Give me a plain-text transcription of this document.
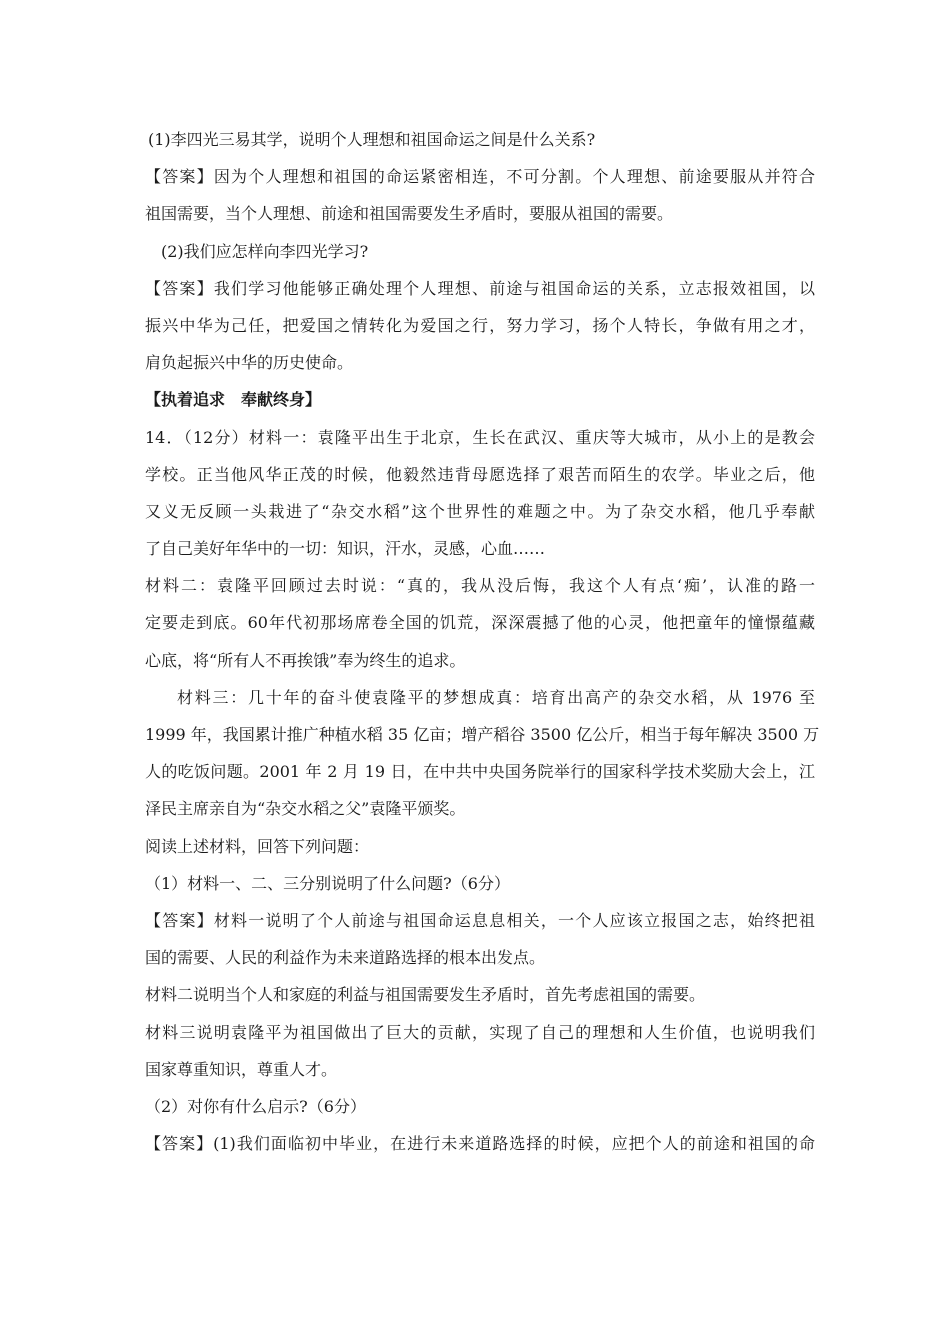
(1)李四光三易其学，说明个人理想和祖国命运之间是什么关系?
【答案】因为个人理想和祖国的命运紧密相连，不可分割。个人理想、前途要服从并符合
祖国需要，当个人理想、前途和祖国需要发生矛盾时，要服从祖国的需要。
(2)我们应怎样向李四光学习?
【答案】我们学习他能够正确处理个人理想、前途与祖国命运的关系，立志报效祖国，以
振兴中华为己任，把爱国之情转化为爱国之行，努力学习，扬个人特长，争做有用之才，
肩负起振兴中华的历史使命。
【执着追求　奉献终身】
14．（12分）材料一：袁隆平出生于北京，生长在武汉、重庆等大城市，从小上的是教会
学校。正当他风华正茂的时候，他毅然违背母愿选择了艰苦而陌生的农学。毕业之后，他
又义无反顾一头栽进了“杂交水稻”这个世界性的难题之中。为了杂交水稻，他几乎奉献
了自己美好年华中的一切：知识，汗水，灵感，心血……
材料二：袁隆平回顾过去时说：“真的，我从没后悔，我这个人有点‘痴’，认准的路一
定要走到底。60年代初那场席卷全国的饥荒，深深震撼了他的心灵，他把童年的憧憬蕴藏
心底，将“所有人不再挨饿”奉为终生的追求。
材料三：几十年的奋斗使袁隆平的梦想成真：培育出高产的杂交水稻，从 1976 至
1999 年，我国累计推广种植水稻 35 亿亩；增产稻谷 3500 亿公斤，相当于每年解决 3500 万
人的吃饭问题。2001 年 2 月 19 日，在中共中央国务院举行的国家科学技术奖励大会上，江
泽民主席亲自为“杂交水稻之父”袁隆平颁奖。
阅读上述材料，回答下列问题：
（1）材料一、二、三分别说明了什么问题?（6分）
【答案】材料一说明了个人前途与祖国命运息息相关，一个人应该立报国之志，始终把祖
国的需要、人民的利益作为未来道路选择的根本出发点。
材料二说明当个人和家庭的利益与祖国需要发生矛盾时，首先考虑祖国的需要。
材料三说明袁隆平为祖国做出了巨大的贡献，实现了自己的理想和人生价值，也说明我们
国家尊重知识，尊重人才。
（2）对你有什么启示?（6分）
【答案】(1)我们面临初中毕业，在进行未来道路选择的时候，应把个人的前途和祖国的命
